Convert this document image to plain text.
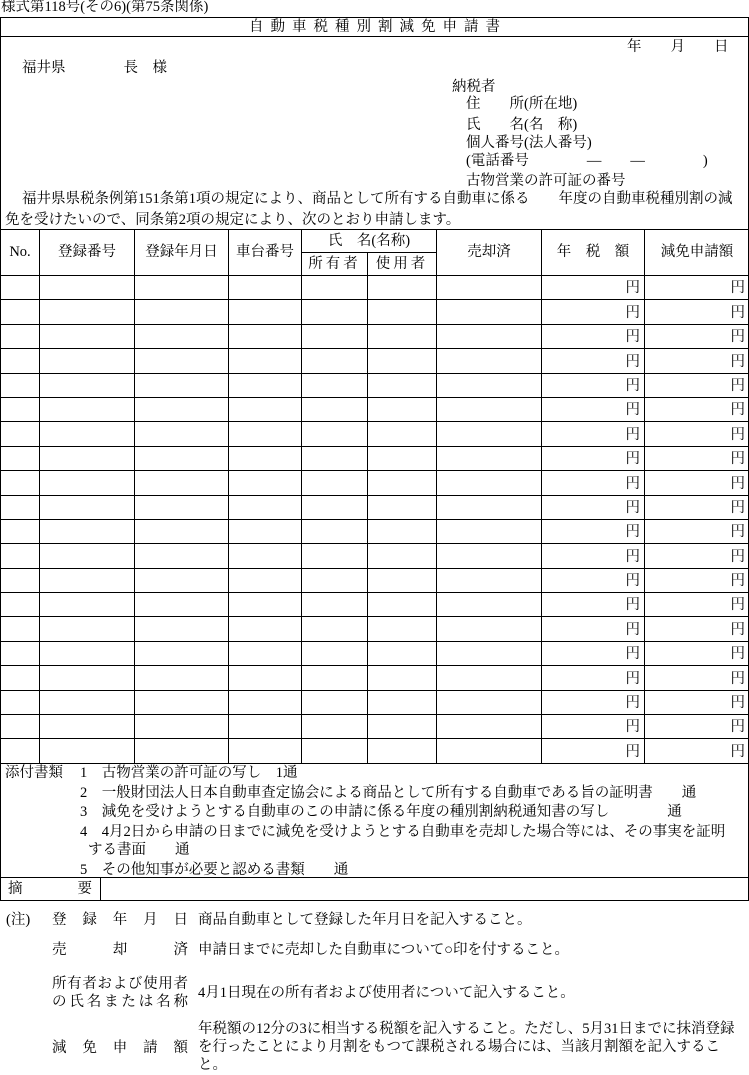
様式第118号(その6)(第75条関係)
自動車税種別割減免申請書
年　　月　　日
福井県　　　　長　様
納税者
住　　所(所在地)
氏　　名(名　称)
個人番号(法人番号)
(電話番号　　　　—　　—　　　　)
古物営業の許可証の番号
福井県県税条例第151条第1項の規定により、商品として所有する自動車に係る　　年度の自動車税種別割の減
免を受けたいので、同条第2項の規定により、次のとおり申請します。
No.	登録番号	登録年月日	車台番号	氏　名(名称)		売却済	年　税　額	減免申請額
				所有者	使用者			
							円	円
							円	円
							円	円
							円	円
							円	円
							円	円
							円	円
							円	円
							円	円
							円	円
							円	円
							円	円
							円	円
							円	円
							円	円
							円	円
							円	円
							円	円
							円	円
							円	円
添付書類 1　古物営業の許可証の写し　1通
2　一般財団法人日本自動車査定協会による商品として所有する自動車である旨の証明書　　通
3　減免を受けようとする自動車のこの申請に係る年度の種別割納税通知書の写し　　　　通
4　4月2日から申請の日までに減免を受けようとする自動車を売却した場合等には、その事実を証明
する書面　　通
5　その他知事が必要と認める書類　　通
摘　　要
(注) 登　録　年　月　日 商品自動車として登録した年月日を記入すること。
売　　却　　済 申請日までに売却した自動車について○印を付すること。
所有者および使用者
の氏名または名称
4月1日現在の所有者および使用者について記入すること。
減　免　申　請　額
年税額の12分の3に相当する税額を記入すること。ただし、5月31日までに抹消登録
を行ったことにより月割をもつて課税される場合には、当該月割額を記入するこ
と。
